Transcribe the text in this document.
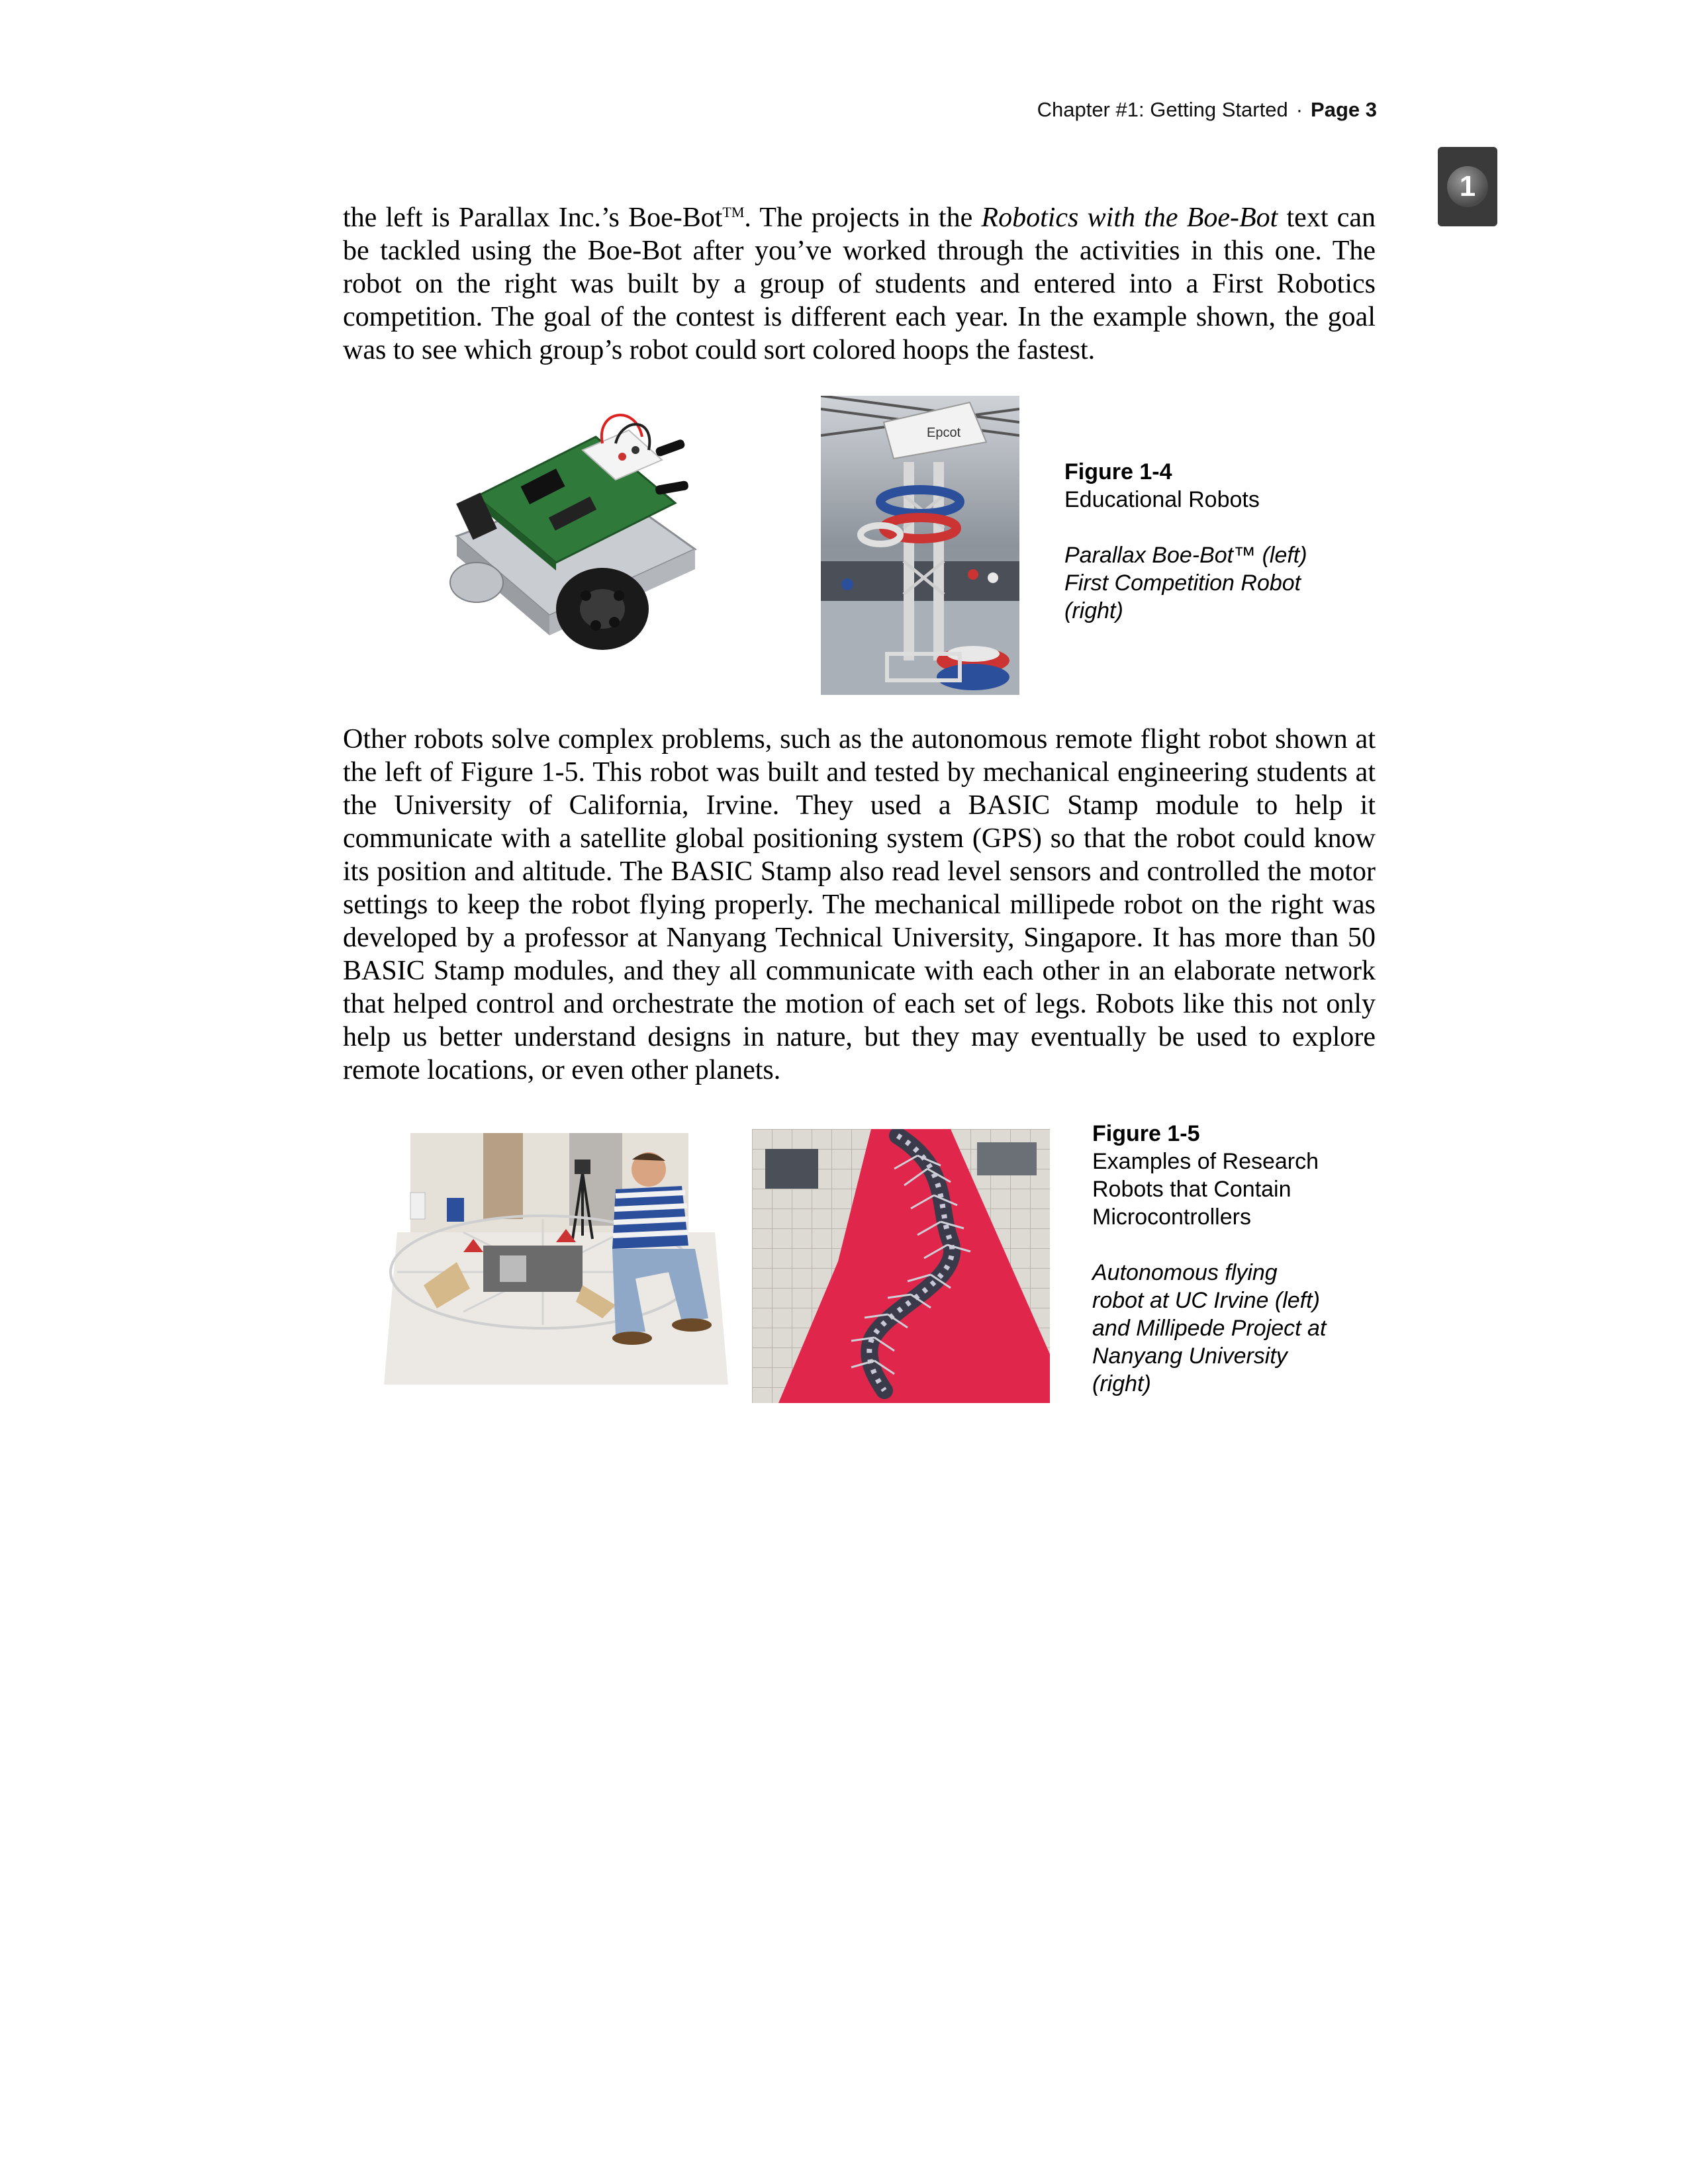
Chapter #1: Getting Started · Page 3
1

the left is Parallax Inc.’s Boe-Bot™. The projects in the Robotics with the Boe-Bot text can be tackled using the Boe-Bot after you’ve worked through the activities in this one. The robot on the right was built by a group of students and entered into a First Robotics competition. The goal of the contest is different each year. In the example shown, the goal was to see which group’s robot could sort colored hoops the fastest.

Epcot
Figure 1-4
Educational Robots
Parallax Boe-Bot™ (left)
First Competition Robot
(right)

Other robots solve complex problems, such as the autonomous remote flight robot shown at the left of Figure 1-5. This robot was built and tested by mechanical engineering students at the University of California, Irvine. They used a BASIC Stamp module to help it communicate with a satellite global positioning system (GPS) so that the robot could know its position and altitude. The BASIC Stamp also read level sensors and controlled the motor settings to keep the robot flying properly. The mechanical millipede robot on the right was developed by a professor at Nanyang Technical University, Singapore. It has more than 50 BASIC Stamp modules, and they all communicate with each other in an elaborate network that helped control and orchestrate the motion of each set of legs. Robots like this not only help us better understand designs in nature, but they may eventually be used to explore remote locations, or even other planets.

Figure 1-5
Examples of Research
Robots that Contain
Microcontrollers
Autonomous flying
robot at UC Irvine (left)
and Millipede Project at
Nanyang University
(right)
